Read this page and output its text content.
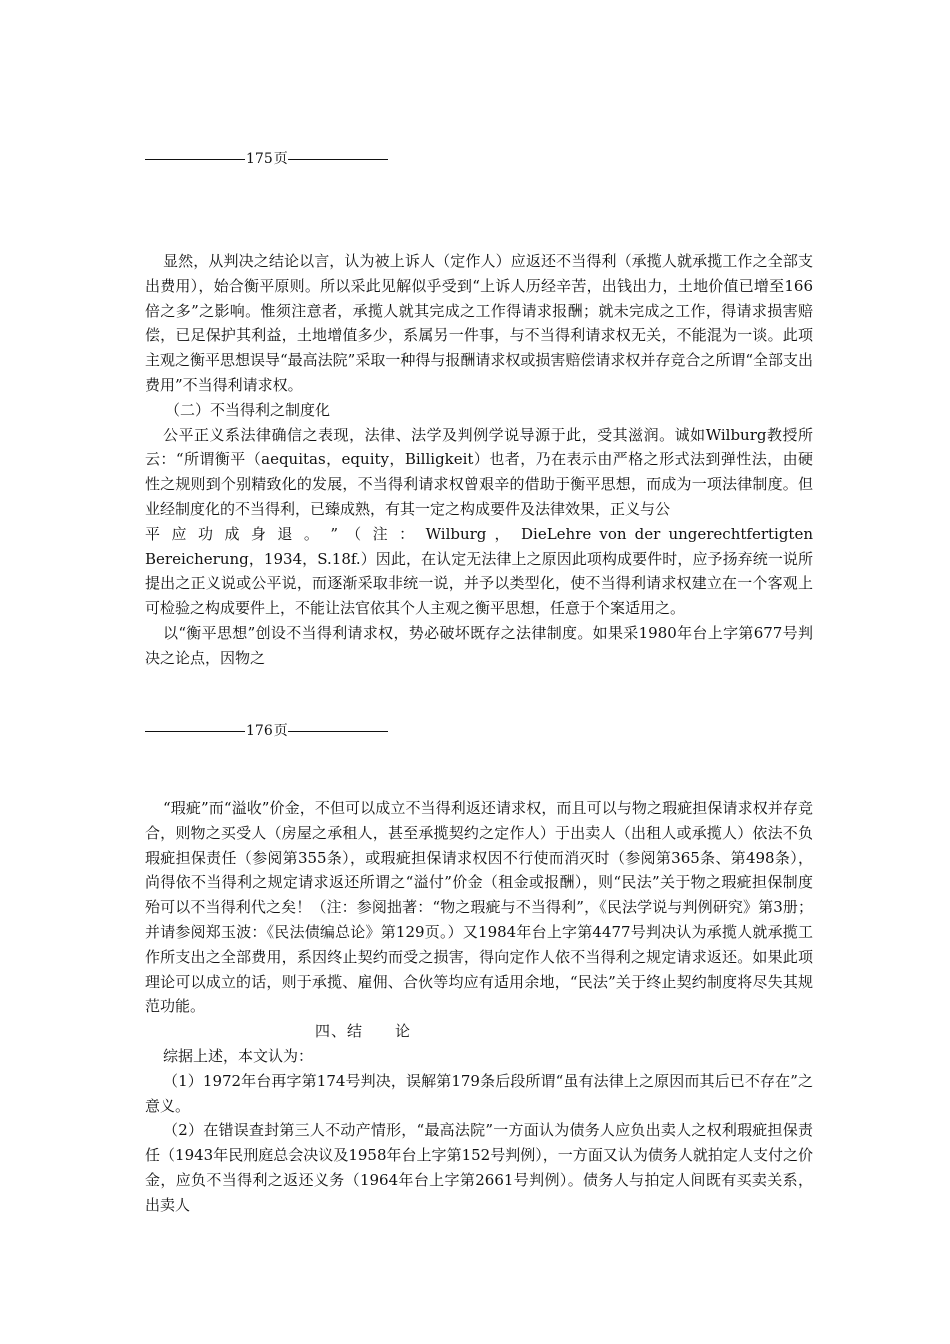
175页

显然，从判决之结论以言，认为被上诉人（定作人）应返还不当得利（承揽人就承揽工作之全部支出费用），始合衡平原则。所以采此见解似乎受到“上诉人历经辛苦，出钱出力，土地价值已增至166倍之多”之影响。惟须注意者，承揽人就其完成之工作得请求报酬；就未完成之工作，得请求损害赔偿，已足保护其利益，土地增值多少，系属另一件事，与不当得利请求权无关，不能混为一谈。此项主观之衡平思想误导“最高法院”采取一种得与报酬请求权或损害赔偿请求权并存竞合之所谓“全部支出费用”不当得利请求权。

（二）不当得利之制度化

公平正义系法律确信之表现，法律、法学及判例学说导源于此，受其滋润。诚如Wilburg教授所云：“所谓衡平（aequitas，equity，Billigkeit）也者，乃在表示由严格之形式法到弹性法，由硬性之规则到个别精致化的发展，不当得利请求权曾艰辛的借助于衡平思想，而成为一项法律制度。但业经制度化的不当得利，已臻成熟，有其一定之构成要件及法律效果，正义与公

平 应 功 成 身 退 。 ” （ 注 ： Wilburg ， DieLehre von der ungerechtfertigten

Bereicherung，1934，S.18f.）因此，在认定无法律上之原因此项构成要件时，应予扬弃统一说所提出之正义说或公平说，而逐渐采取非统一说，并予以类型化，使不当得利请求权建立在一个客观上可检验之构成要件上，不能让法官依其个人主观之衡平思想，任意于个案适用之。

以“衡平思想”创设不当得利请求权，势必破坏既存之法律制度。如果采1980年台上字第677号判决之论点，因物之

176页

“瑕疵”而“溢收”价金，不但可以成立不当得利返还请求权，而且可以与物之瑕疵担保请求权并存竞合，则物之买受人（房屋之承租人，甚至承揽契约之定作人）于出卖人（出租人或承揽人）依法不负瑕疵担保责任（参阅第355条），或瑕疵担保请求权因不行使而消灭时（参阅第365条、第498条），尚得依不当得利之规定请求返还所谓之“溢付”价金（租金或报酬），则“民法”关于物之瑕疵担保制度殆可以不当得利代之矣！（注：参阅拙著：“物之瑕疵与不当得利”，《民法学说与判例研究》第3册；并请参阅郑玉波：《民法债编总论》第129页。）又1984年台上字第4477号判决认为承揽人就承揽工作所支出之全部费用，系因终止契约而受之损害，得向定作人依不当得利之规定请求返还。如果此项理论可以成立的话，则于承揽、雇佣、合伙等均应有适用余地，“民法”关于终止契约制度将尽失其规范功能。

四、结　　论

综据上述，本文认为：

（1）1972年台再字第174号判决，误解第179条后段所谓“虽有法律上之原因而其后已不存在”之意义。

（2）在错误查封第三人不动产情形，“最高法院”一方面认为债务人应负出卖人之权利瑕疵担保责任（1943年民刑庭总会决议及1958年台上字第152号判例），一方面又认为债务人就拍定人支付之价金，应负不当得利之返还义务（1964年台上字第2661号判例）。债务人与拍定人间既有买卖关系，出卖人
